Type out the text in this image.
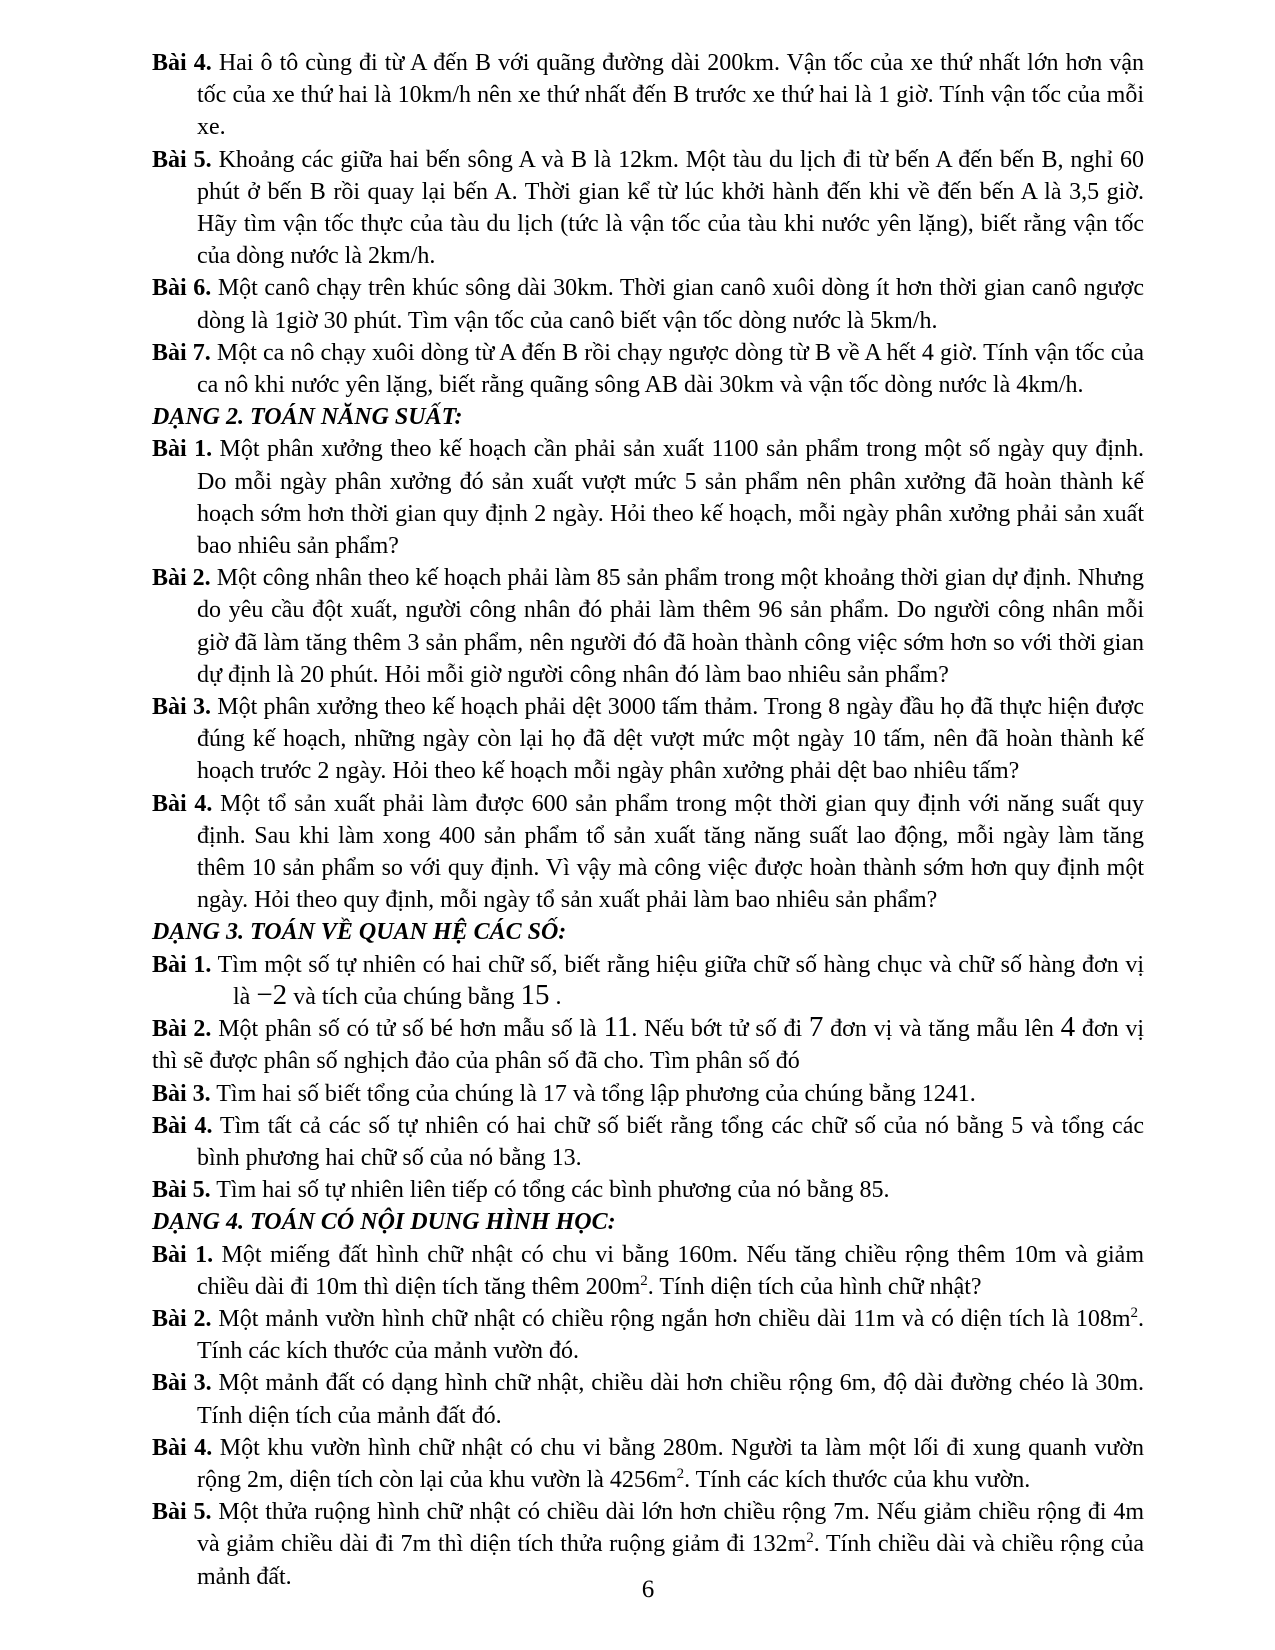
Bài 4. Hai ô tô cùng đi từ A đến B với quãng đường dài 200km. Vận tốc của xe thứ nhất lớn hơn vận tốc của xe thứ hai là 10km/h nên xe thứ nhất đến B trước xe thứ hai là 1 giờ. Tính vận tốc của mỗi xe.

Bài 5. Khoảng các giữa hai bến sông A và B là 12km. Một tàu du lịch đi từ bến A đến bến B, nghỉ 60 phút ở bến B rồi quay lại bến A. Thời gian kể từ lúc khởi hành đến khi về đến bến A là 3,5 giờ. Hãy tìm vận tốc thực của tàu du lịch (tức là vận tốc của tàu khi nước yên lặng), biết rằng vận tốc của dòng nước là 2km/h.

Bài 6. Một canô chạy trên khúc sông dài 30km. Thời gian canô xuôi dòng ít hơn thời gian canô ngược dòng là 1giờ 30 phút. Tìm vận tốc của canô biết vận tốc dòng nước là 5km/h.

Bài 7. Một ca nô chạy xuôi dòng từ A đến B rồi chạy ngược dòng từ B về A hết 4 giờ. Tính vận tốc của ca nô khi nước yên lặng, biết rằng quãng sông AB dài 30km và vận tốc dòng nước là 4km/h.

DẠNG 2. TOÁN NĂNG SUẤT:

Bài 1. Một phân xưởng theo kế hoạch cần phải sản xuất 1100 sản phẩm trong một số ngày quy định. Do mỗi ngày phân xưởng đó sản xuất vượt mức 5 sản phẩm nên phân xưởng đã hoàn thành kế hoạch sớm hơn thời gian quy định 2 ngày. Hỏi theo kế hoạch, mỗi ngày phân xưởng phải sản xuất bao nhiêu sản phẩm?

Bài 2. Một công nhân theo kế hoạch phải làm 85 sản phẩm trong một khoảng thời gian dự định. Nhưng do yêu cầu đột xuất, người công nhân đó phải làm thêm 96 sản phẩm. Do người công nhân mỗi giờ đã làm tăng thêm 3 sản phẩm, nên người đó đã hoàn thành công việc sớm hơn so với thời gian dự định là 20 phút. Hỏi mỗi giờ người công nhân đó làm bao nhiêu sản phẩm?

Bài 3. Một phân xưởng theo kế hoạch phải dệt 3000 tấm thảm. Trong 8 ngày đầu họ đã thực hiện được đúng kế hoạch, những ngày còn lại họ đã dệt vượt mức một ngày 10 tấm, nên đã hoàn thành kế hoạch trước 2 ngày. Hỏi theo kế hoạch mỗi ngày phân xưởng phải dệt bao nhiêu tấm?

Bài 4. Một tổ sản xuất phải làm được 600 sản phẩm trong một thời gian quy định với năng suất quy định. Sau khi làm xong 400 sản phẩm tổ sản xuất tăng năng suất lao động, mỗi ngày làm tăng thêm 10 sản phẩm so với quy định. Vì vậy mà công việc được hoàn thành sớm hơn quy định một ngày. Hỏi theo quy định, mỗi ngày tổ sản xuất phải làm bao nhiêu sản phẩm?

DẠNG 3. TOÁN VỀ QUAN HỆ CÁC SỐ:

Bài 1. Tìm một số tự nhiên có hai chữ số, biết rằng hiệu giữa chữ số hàng chục và chữ số hàng đơn vị là −2 và tích của chúng bằng 15 .

Bài 2. Một phân số có tử số bé hơn mẫu số là 11. Nếu bớt tử số đi 7 đơn vị và tăng mẫu lên 4 đơn vị thì sẽ được phân số nghịch đảo của phân số đã cho. Tìm phân số đó

Bài 3. Tìm hai số biết tổng của chúng là 17 và tổng lập phương của chúng bằng 1241.

Bài 4. Tìm tất cả các số tự nhiên có hai chữ số biết rằng tổng các chữ số của nó bằng 5 và tổng các bình phương hai chữ số của nó bằng 13.

Bài 5. Tìm hai số tự nhiên liên tiếp có tổng các bình phương của nó bằng 85.

DẠNG 4. TOÁN CÓ NỘI DUNG HÌNH HỌC:

Bài 1. Một miếng đất hình chữ nhật có chu vi bằng 160m. Nếu tăng chiều rộng thêm 10m và giảm chiều dài đi 10m thì diện tích tăng thêm $200m^2$. Tính diện tích của hình chữ nhật?

Bài 2. Một mảnh vườn hình chữ nhật có chiều rộng ngắn hơn chiều dài 11m và có diện tích là $108m^2$. Tính các kích thước của mảnh vườn đó.

Bài 3. Một mảnh đất có dạng hình chữ nhật, chiều dài hơn chiều rộng 6m, độ dài đường chéo là 30m. Tính diện tích của mảnh đất đó.

Bài 4. Một khu vườn hình chữ nhật có chu vi bằng 280m. Người ta làm một lối đi xung quanh vườn rộng 2m, diện tích còn lại của khu vườn là $4256m^2$. Tính các kích thước của khu vườn.

Bài 5. Một thửa ruộng hình chữ nhật có chiều dài lớn hơn chiều rộng 7m. Nếu giảm chiều rộng đi 4m và giảm chiều dài đi 7m thì diện tích thửa ruộng giảm đi $132m^2$. Tính chiều dài và chiều rộng của mảnh đất.	6
